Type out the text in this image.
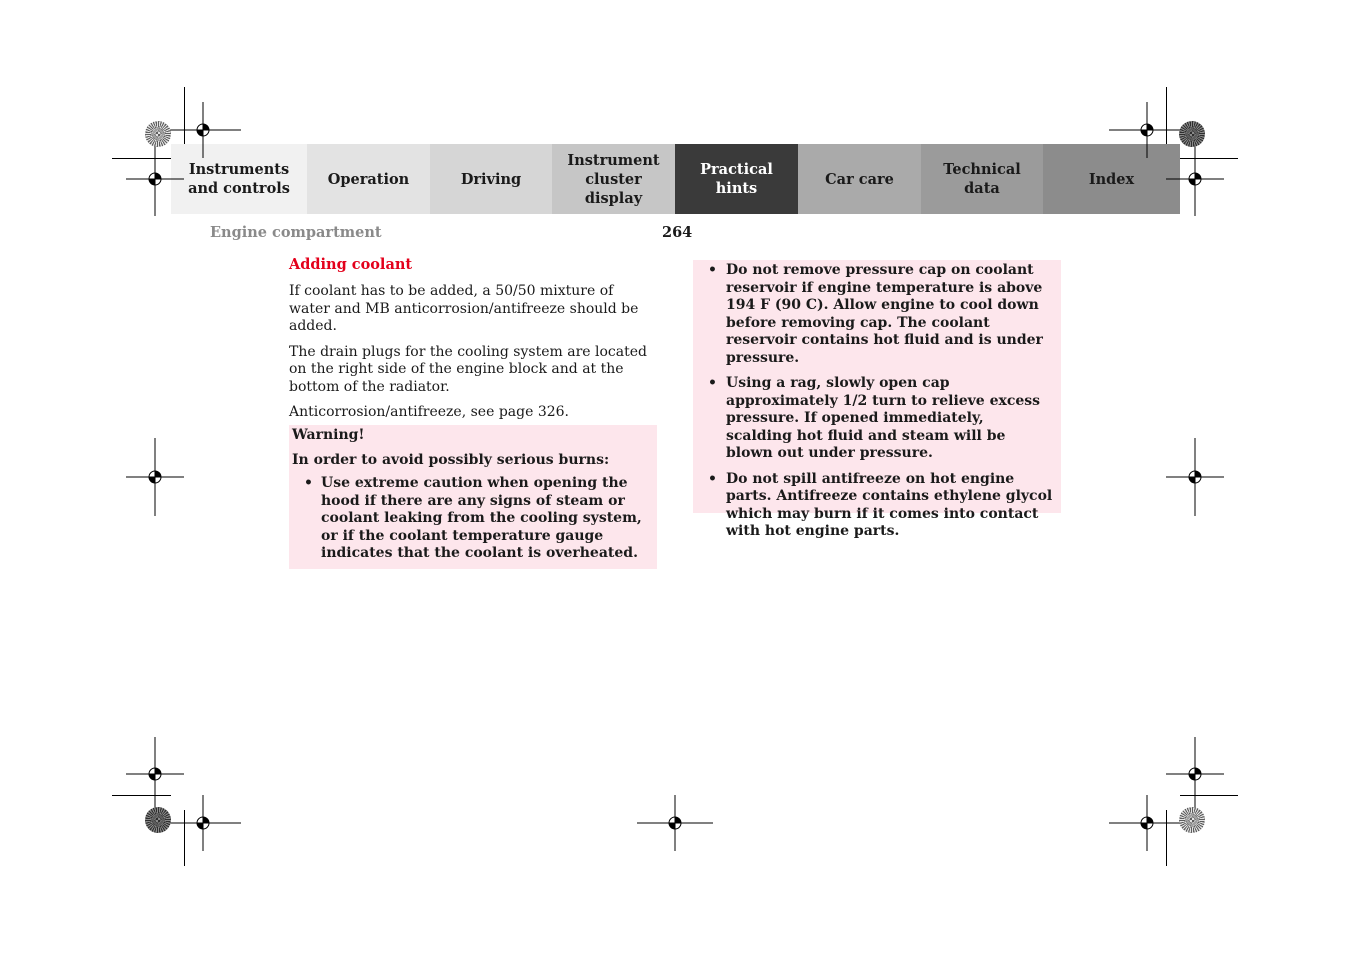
Instruments
and controls
Operation	Driving
Instrument
cluster display
Practical hints
Car care
Technical
data
Index
Engine compartment	264
Adding coolant

If coolant has to be added, a 50/50 mixture of water and MB anticorrosion/antifreeze should be added.

The drain plugs for the cooling system are located on the right side of the engine block and at the bottom of the radiator.

Anticorrosion/antifreeze, see page 326.

Warning!
In order to avoid possibly serious burns:
• Use extreme caution when opening the hood if there are any signs of steam or coolant leaking from the cooling system, or if the coolant temperature gauge indicates that the coolant is overheated.
• Do not remove pressure cap on coolant reservoir if engine temperature is above 194 F (90 C). Allow engine to cool down before removing cap. The coolant reservoir contains hot fluid and is under pressure.
• Using a rag, slowly open cap approximately 1/2 turn to relieve excess pressure. If opened immediately, scalding hot fluid and steam will be blown out under pressure.
• Do not spill antifreeze on hot engine parts. Antifreeze contains ethylene glycol which may burn if it comes into contact with hot engine parts.
